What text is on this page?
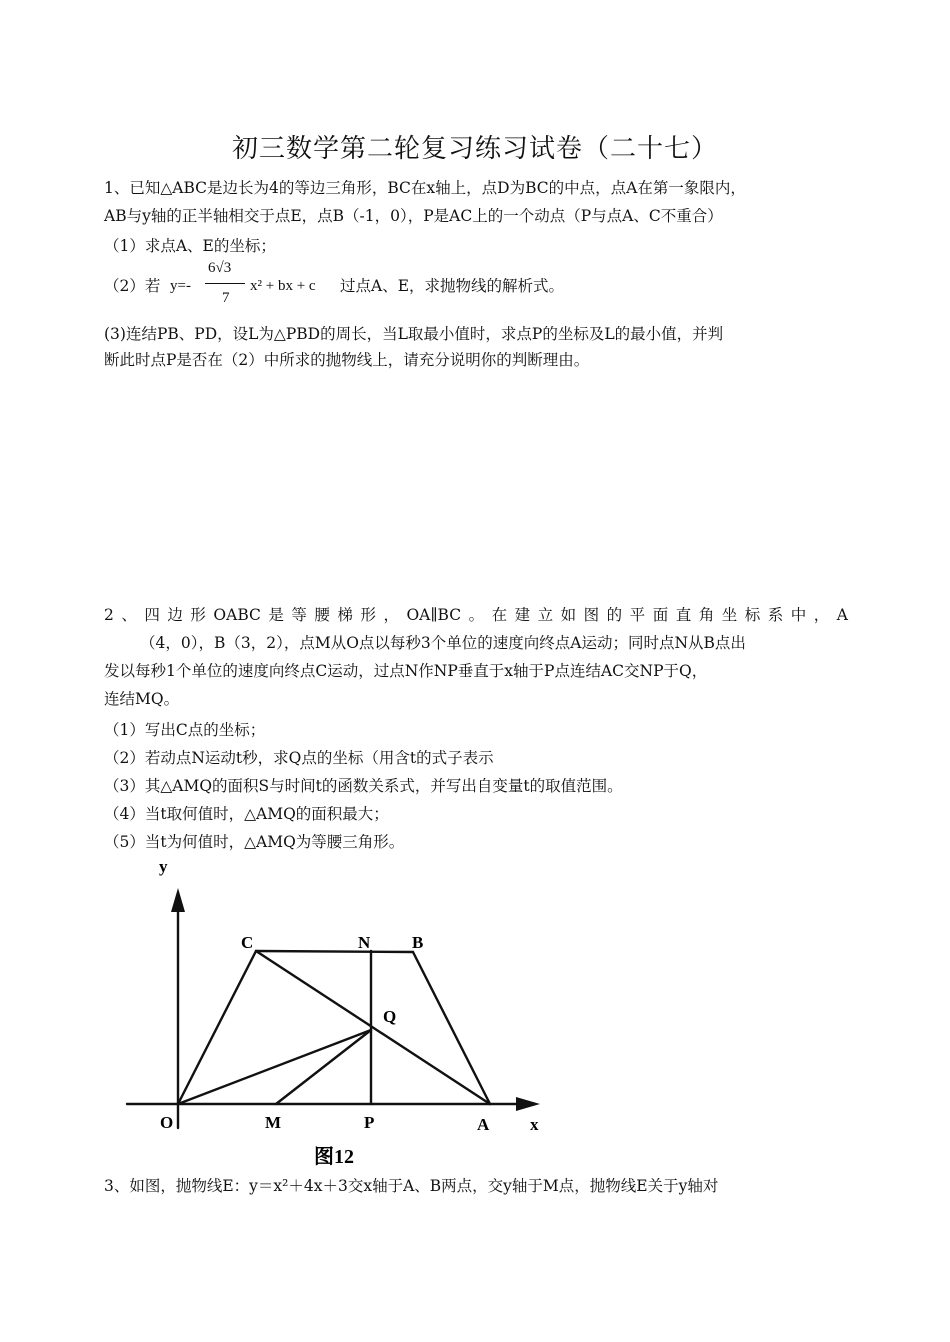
初三数学第二轮复习练习试卷（二十七）
1、已知△ABC是边长为4的等边三角形，BC在x轴上，点D为BC的中点，点A在第一象限内，
AB与y轴的正半轴相交于点E，点B（-1，0），P是AC上的一个动点（P与点A、C不重合）
（1）求点A、E的坐标；
（2）若 y=-
6√3
7
x² + bx + c 过点A、E，求抛物线的解析式。
(3)连结PB、PD，设L为△PBD的周长，当L取最小值时，求点P的坐标及L的最小值，并判
断此时点P是否在（2）中所求的抛物线上，请充分说明你的判断理由。
2、四边形OABC是等腰梯形，OA∥BC。在建立如图的平面直角坐标系中，A
（4，0），B（3，2），点M从O点以每秒3个单位的速度向终点A运动；同时点N从B点出
发以每秒1个单位的速度向终点C运动，过点N作NP垂直于x轴于P点连结AC交NP于Q，
连结MQ。
（1）写出C点的坐标；
（2）若动点N运动t秒，求Q点的坐标（用含t的式子表示
（3）其△AMQ的面积S与时间t的函数关系式，并写出自变量t的取值范围。
（4）当t取何值时，△AMQ的面积最大；
（5）当t为何值时，△AMQ为等腰三角形。
y
x
O	M	P	A
C	N B
Q
图12
3、如图，抛物线E：y＝x²＋4x＋3交x轴于A、B两点，交y轴于M点，抛物线E关于y轴对
